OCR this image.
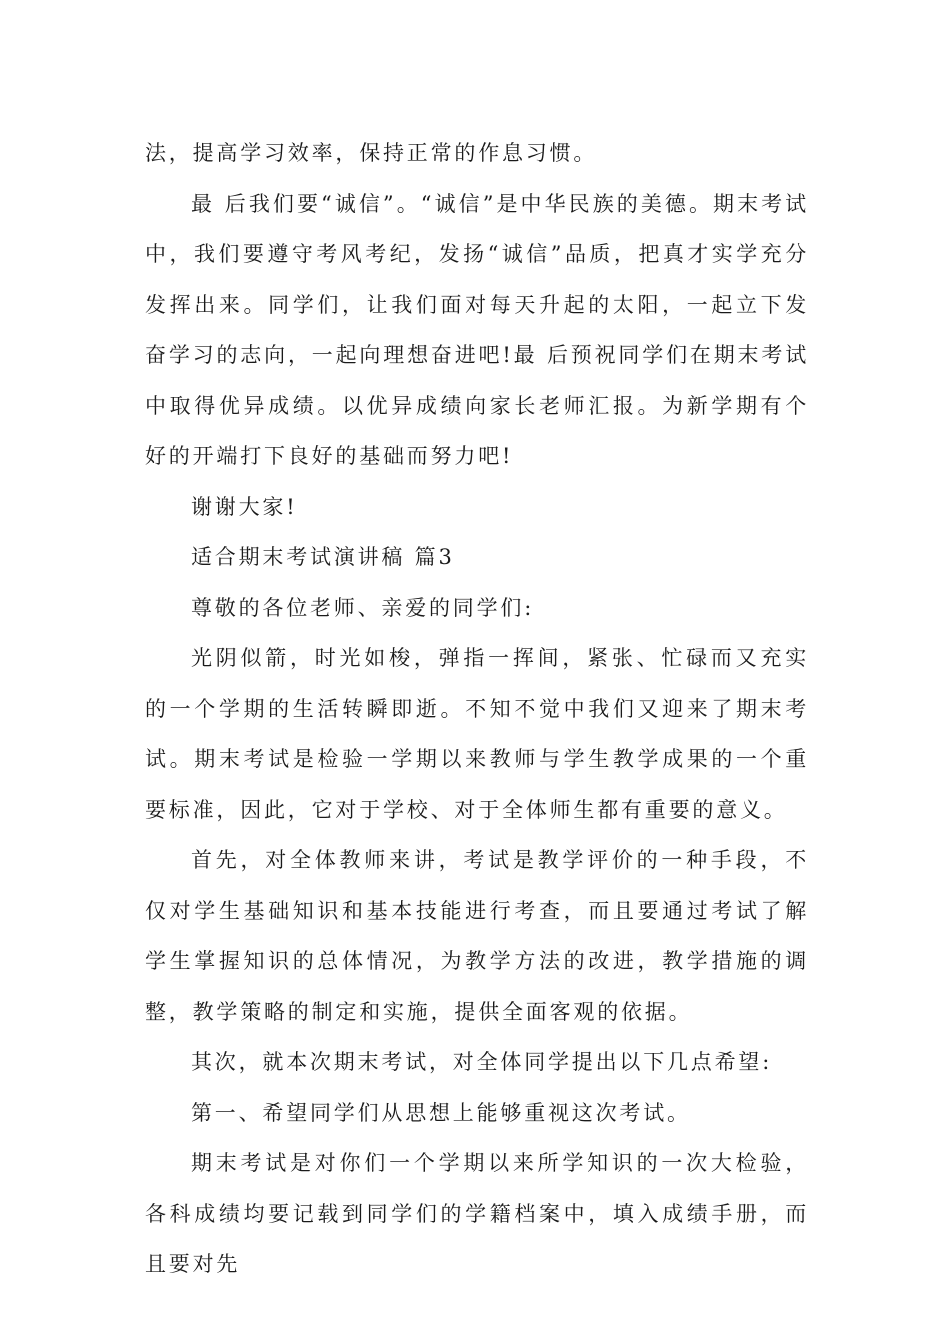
法，提高学习效率，保持正常的作息习惯。

最 后我们要“诚信”。“诚信”是中华民族的美德。期末考试中，我们要遵守考风考纪，发扬“诚信”品质，把真才实学充分发挥出来。同学们，让我们面对每天升起的太阳，一起立下发奋学习的志向，一起向理想奋进吧!最 后预祝同学们在期末考试中取得优异成绩。以优异成绩向家长老师汇报。为新学期有个好的开端打下良好的基础而努力吧!

谢谢大家!

适合期末考试演讲稿 篇3

尊敬的各位老师、亲爱的同学们:

光阴似箭，时光如梭，弹指一挥间，紧张、忙碌而又充实的一个学期的生活转瞬即逝。不知不觉中我们又迎来了期末考试。期末考试是检验一学期以来教师与学生教学成果的一个重要标准，因此，它对于学校、对于全体师生都有重要的意义。

首先，对全体教师来讲，考试是教学评价的一种手段，不仅对学生基础知识和基本技能进行考查，而且要通过考试了解学生掌握知识的总体情况，为教学方法的改进，教学措施的调整，教学策略的制定和实施，提供全面客观的依据。

其次，就本次期末考试，对全体同学提出以下几点希望:

第一、希望同学们从思想上能够重视这次考试。

期末考试是对你们一个学期以来所学知识的一次大检验，各科成绩均要记载到同学们的学籍档案中，填入成绩手册，而且要对先
